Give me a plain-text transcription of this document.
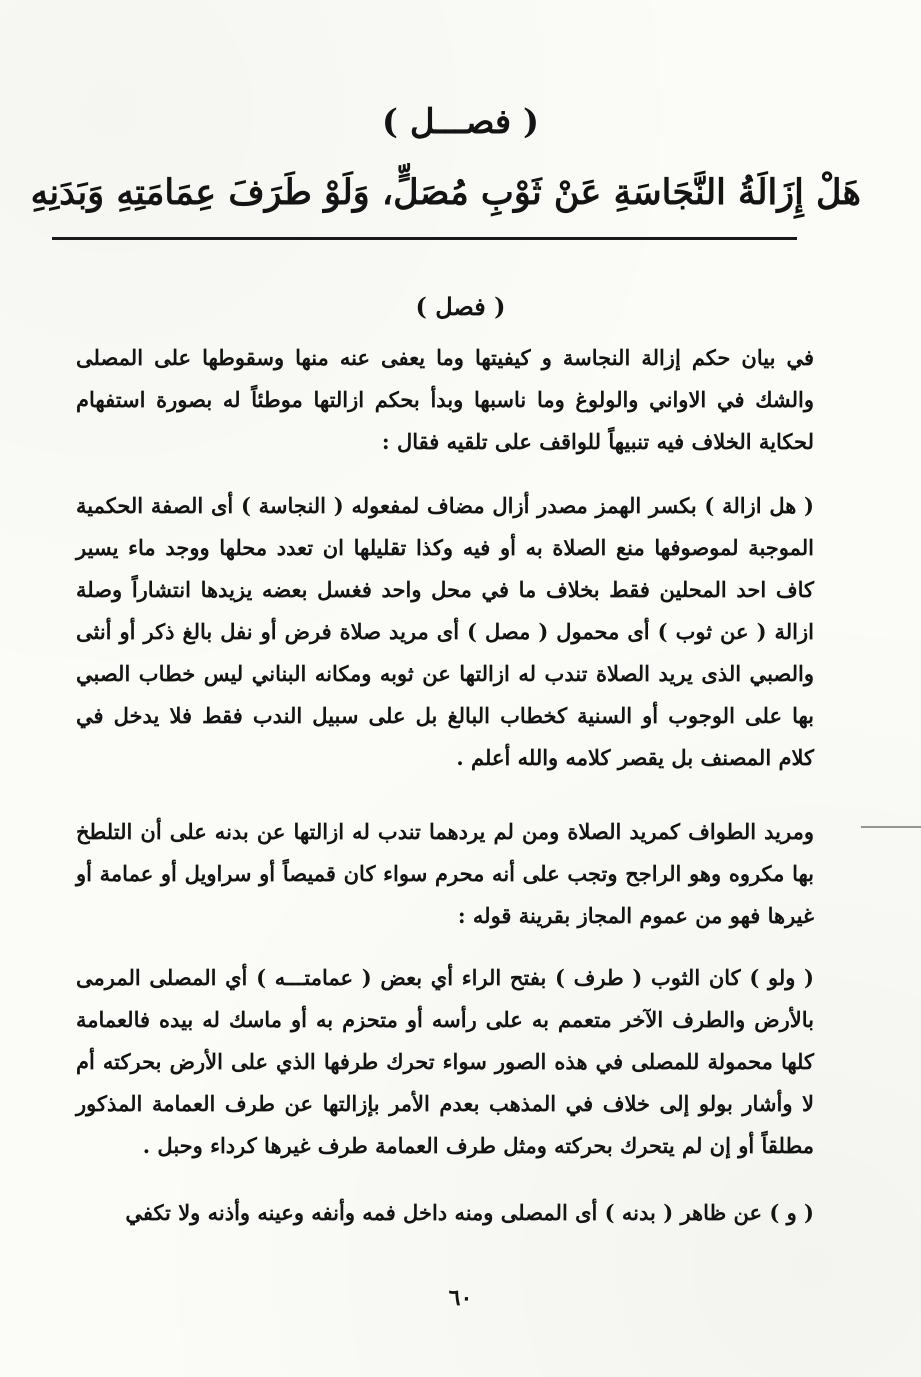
( فصـــل )
هَلْ إِزَالَةُ النَّجَاسَةِ عَنْ ثَوْبِ مُصَلٍّ، وَلَوْ طَرَفَ عِمَامَتِهِ وَبَدَنِهِ
( فصل )

في بيان حكم إزالة النجاسة و كيفيتها وما يعفى عنه منها وسقوطها على المصلى والشك في الاواني والولوغ وما ناسبها وبدأ بحكم ازالتها موطئاً له بصورة استفهام لحكاية الخلاف فيه تنبيهاً للواقف على تلقيه فقال :

( هل ازالة ) بكسر الهمز مصدر أزال مضاف لمفعوله ( النجاسة ) أى الصفة الحكمية الموجبة لموصوفها منع الصلاة به أو فيه وكذا تقليلها ان تعدد محلها ووجد ماء يسير كاف احد المحلين فقط بخلاف ما في محل واحد فغسل بعضه يزيدها انتشاراً وصلة ازالة ( عن ثوب ) أى محمول ( مصل ) أى مريد صلاة فرض أو نفل بالغ ذكر أو أنثى والصبي الذى يريد الصلاة تندب له ازالتها عن ثوبه ومكانه البناني ليس خطاب الصبي بها على الوجوب أو السنية كخطاب البالغ بل على سبيل الندب فقط فلا يدخل في كلام المصنف بل يقصر كلامه والله أعلم .

ومريد الطواف كمريد الصلاة ومن لم يردهما تندب له ازالتها عن بدنه على أن التلطخ بها مكروه وهو الراجح وتجب على أنه محرم سواء كان قميصاً أو سراويل أو عمامة أو غيرها فهو من عموم المجاز بقرينة قوله :

( ولو ) كان الثوب ( طرف ) بفتح الراء أي بعض ( عمامتـــه ) أي المصلى المرمى بالأرض والطرف الآخر متعمم به على رأسه أو متحزم به أو ماسك له بيده فالعمامة كلها محمولة للمصلى في هذه الصور سواء تحرك طرفها الذي على الأرض بحركته أم لا وأشار بولو إلى خلاف في المذهب بعدم الأمر بإزالتها عن طرف العمامة المذكور مطلقاً أو إن لم يتحرك بحركته ومثل طرف العمامة طرف غيرها كرداء وحبل .

( و ) عن ظاهر ( بدنه ) أى المصلى ومنه داخل فمه وأنفه وعينه وأذنه ولا تكفي

٦٠
